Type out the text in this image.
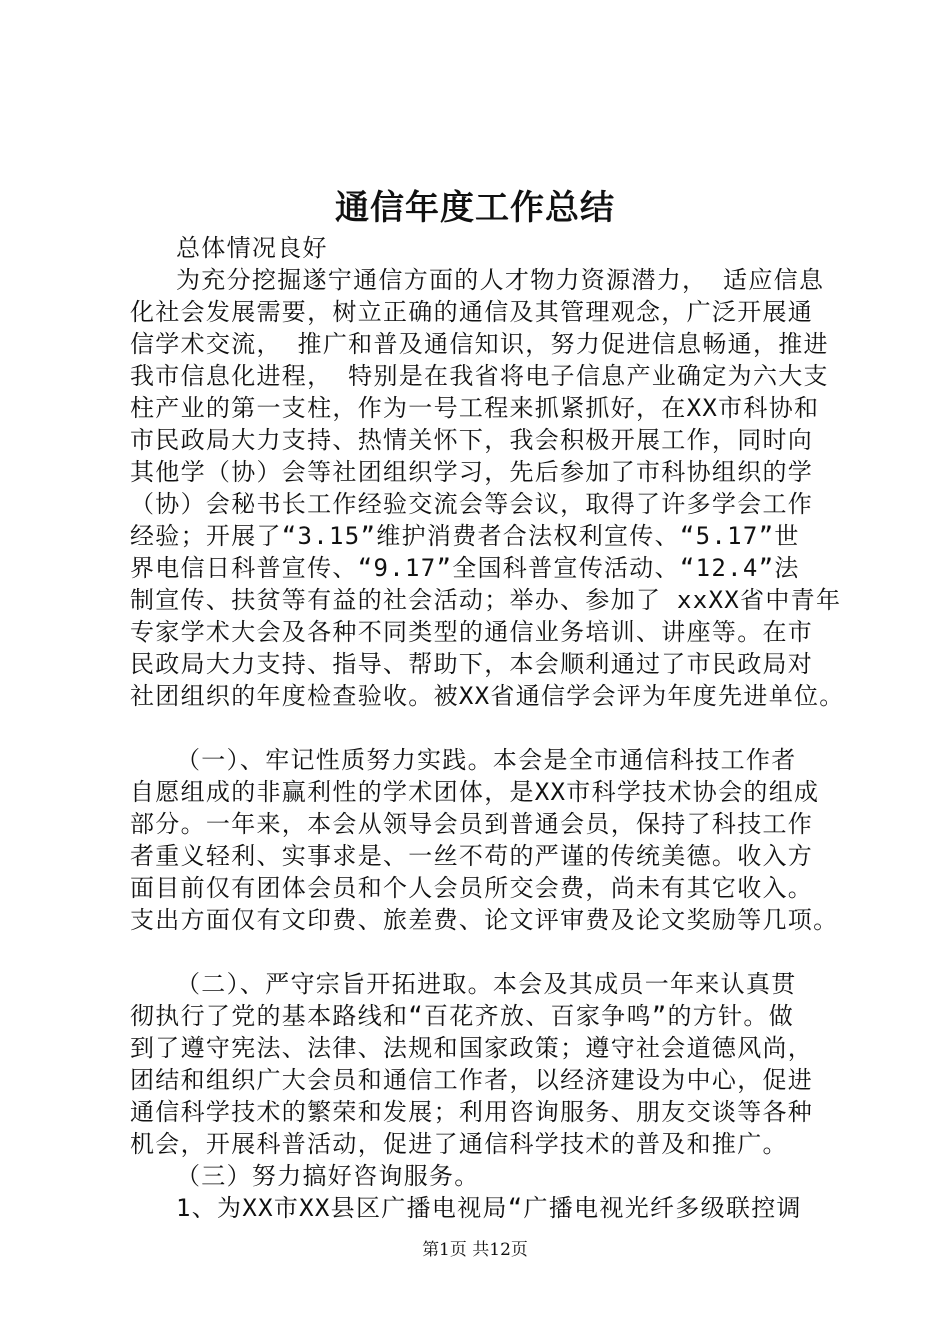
通信年度工作总结
总体情况良好
为充分挖掘遂宁通信方面的人才物力资源潜力， 适应信息
化社会发展需要，树立正确的通信及其管理观念，广泛开展通
信学术交流， 推广和普及通信知识，努力促进信息畅通，推进
我市信息化进程， 特别是在我省将电子信息产业确定为六大支
柱产业的第一支柱，作为一号工程来抓紧抓好，在XX市科协和
市民政局大力支持、热情关怀下，我会积极开展工作，同时向
其他学（协）会等社团组织学习，先后参加了市科协组织的学
（协）会秘书长工作经验交流会等会议，取得了许多学会工作
经验；开展了“3.15”维护消费者合法权利宣传、“5.17”世
界电信日科普宣传、“9.17”全国科普宣传活动、“12.4”法
制宣传、扶贫等有益的社会活动；举办、参加了 xxXX省中青年
专家学术大会及各种不同类型的通信业务培训、讲座等。在市
民政局大力支持、指导、帮助下，本会顺利通过了市民政局对
社团组织的年度检查验收。被XX省通信学会评为年度先进单位。
（一）、牢记性质努力实践。本会是全市通信科技工作者
自愿组成的非赢利性的学术团体，是XX市科学技术协会的组成
部分。一年来，本会从领导会员到普通会员，保持了科技工作
者重义轻利、实事求是、一丝不苟的严谨的传统美德。收入方
面目前仅有团体会员和个人会员所交会费，尚未有其它收入。
支出方面仅有文印费、旅差费、论文评审费及论文奖励等几项。
（二）、严守宗旨开拓进取。本会及其成员一年来认真贯
彻执行了党的基本路线和“百花齐放、百家争鸣”的方针。做
到了遵守宪法、法律、法规和国家政策；遵守社会道德风尚，
团结和组织广大会员和通信工作者，以经济建设为中心，促进
通信科学技术的繁荣和发展；利用咨询服务、朋友交谈等各种
机会，开展科普活动，促进了通信科学技术的普及和推广。
（三）努力搞好咨询服务。
1、为XX市XX县区广播电视局“广播电视光纤多级联控调
第1页 共12页
